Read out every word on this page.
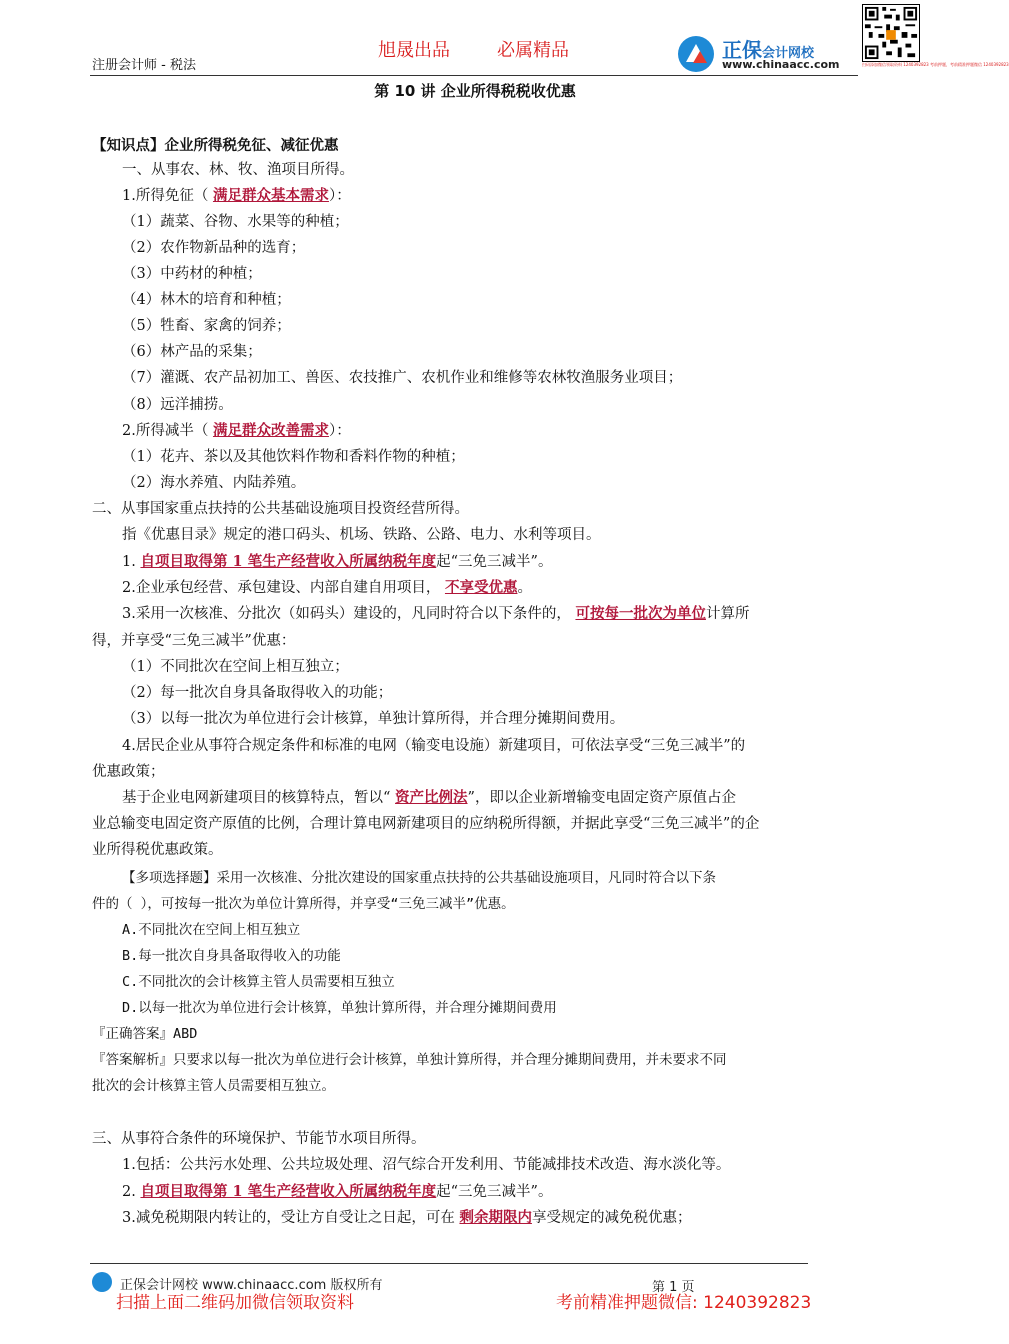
注册会计师 - 税法
旭晟出品	必属精品	正保会计网校
www.chinaacc.com	扫码添加微信领取资料 1240392823 考前押题，考前精准押题微信 1240392823
第 10 讲 企业所得税税收优惠
【知识点】企业所得税免征、减征优惠
一、从事农、林、牧、渔项目所得。
1.所得免征（ 满足群众基本需求）：
（1）蔬菜、谷物、水果等的种植；
（2）农作物新品种的选育；
（3）中药材的种植；
（4）林木的培育和种植；
（5）牲畜、家禽的饲养；
（6）林产品的采集；
（7）灌溉、农产品初加工、兽医、农技推广、农机作业和维修等农林牧渔服务业项目；
（8）远洋捕捞。
2.所得减半（ 满足群众改善需求）：
（1）花卉、茶以及其他饮料作物和香料作物的种植；
（2）海水养殖、内陆养殖。
二、从事国家重点扶持的公共基础设施项目投资经营所得。
指《优惠目录》规定的港口码头、机场、铁路、公路、电力、水利等项目。
1. 自项目取得第 1 笔生产经营收入所属纳税年度起“三免三减半”。
2.企业承包经营、承包建设、内部自建自用项目， 不享受优惠。
3.采用一次核准、分批次（如码头）建设的，凡同时符合以下条件的， 可按每一批次为单位计算所
得，并享受“三免三减半”优惠：
（1）不同批次在空间上相互独立；
（2）每一批次自身具备取得收入的功能；
（3）以每一批次为单位进行会计核算，单独计算所得，并合理分摊期间费用。
4.居民企业从事符合规定条件和标准的电网（输变电设施）新建项目，可依法享受“三免三减半”的
优惠政策；
基于企业电网新建项目的核算特点，暂以“ 资产比例法”，即以企业新增输变电固定资产原值占企
业总输变电固定资产原值的比例，合理计算电网新建项目的应纳税所得额，并据此享受“三免三减半”的企
业所得税优惠政策。
【多项选择题】采用一次核准、分批次建设的国家重点扶持的公共基础设施项目，凡同时符合以下条
件的（ ），可按每一批次为单位计算所得，并享受“三免三减半”优惠。
A.不同批次在空间上相互独立
B.每一批次自身具备取得收入的功能
C.不同批次的会计核算主管人员需要相互独立
D.以每一批次为单位进行会计核算，单独计算所得，并合理分摊期间费用
『正确答案』ABD
『答案解析』只要求以每一批次为单位进行会计核算，单独计算所得，并合理分摊期间费用，并未要求不同
批次的会计核算主管人员需要相互独立。
三、从事符合条件的环境保护、节能节水项目所得。
1.包括：公共污水处理、公共垃圾处理、沼气综合开发利用、节能减排技术改造、海水淡化等。
2. 自项目取得第 1 笔生产经营收入所属纳税年度起“三免三减半”。
3.减免税期限内转让的，受让方自受让之日起，可在 剩余期限内享受规定的减免税优惠；
正保会计网校 www.chinaacc.com 版权所有	第 1 页
扫描上面二维码加微信领取资料	考前精准押题微信: 1240392823
